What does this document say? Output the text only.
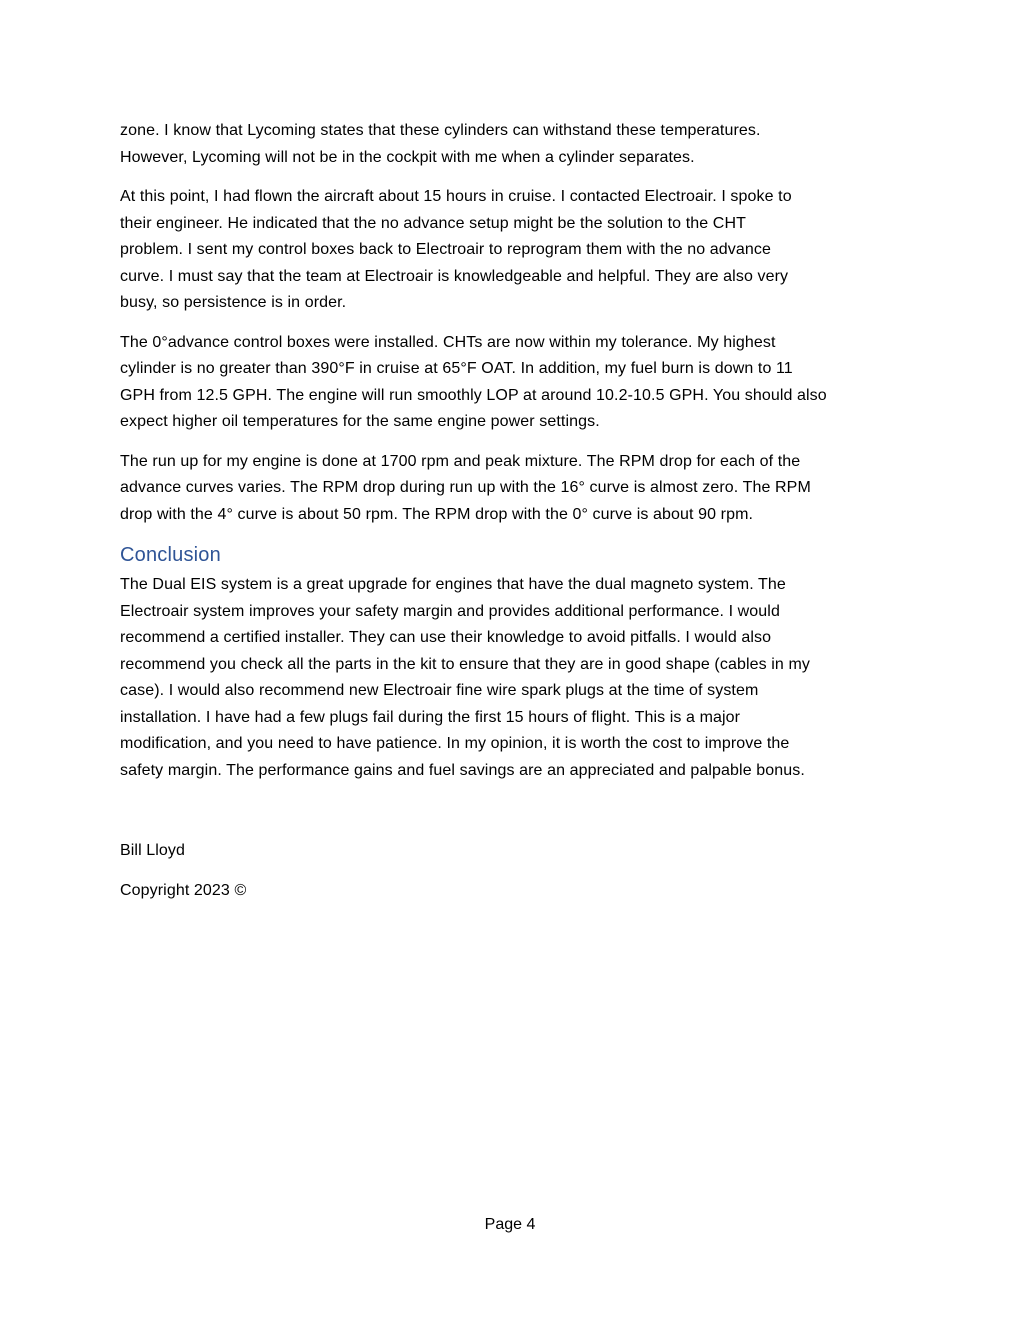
zone. I know that Lycoming states that these cylinders can withstand these temperatures.
However, Lycoming will not be in the cockpit with me when a cylinder separates.
At this point, I had flown the aircraft about 15 hours in cruise. I contacted Electroair. I spoke to
their engineer. He indicated that the no advance setup might be the solution to the CHT
problem. I sent my control boxes back to Electroair to reprogram them with the no advance
curve. I must say that the team at Electroair is knowledgeable and helpful. They are also very
busy, so persistence is in order.
The 0°advance control boxes were installed. CHTs are now within my tolerance. My highest
cylinder is no greater than 390°F in cruise at 65°F OAT. In addition, my fuel burn is down to 11
GPH from 12.5 GPH. The engine will run smoothly LOP at around 10.2-10.5 GPH. You should also
expect higher oil temperatures for the same engine power settings.
The run up for my engine is done at 1700 rpm and peak mixture. The RPM drop for each of the
advance curves varies. The RPM drop during run up with the 16° curve is almost zero. The RPM
drop with the 4° curve is about 50 rpm. The RPM drop with the 0° curve is about 90 rpm.
Conclusion
The Dual EIS system is a great upgrade for engines that have the dual magneto system. The
Electroair system improves your safety margin and provides additional performance. I would
recommend a certified installer. They can use their knowledge to avoid pitfalls. I would also
recommend you check all the parts in the kit to ensure that they are in good shape (cables in my
case). I would also recommend new Electroair fine wire spark plugs at the time of system
installation. I have had a few plugs fail during the first 15 hours of flight. This is a major
modification, and you need to have patience. In my opinion, it is worth the cost to improve the
safety margin. The performance gains and fuel savings are an appreciated and palpable bonus.
Bill Lloyd
Copyright 2023 ©
Page 4
